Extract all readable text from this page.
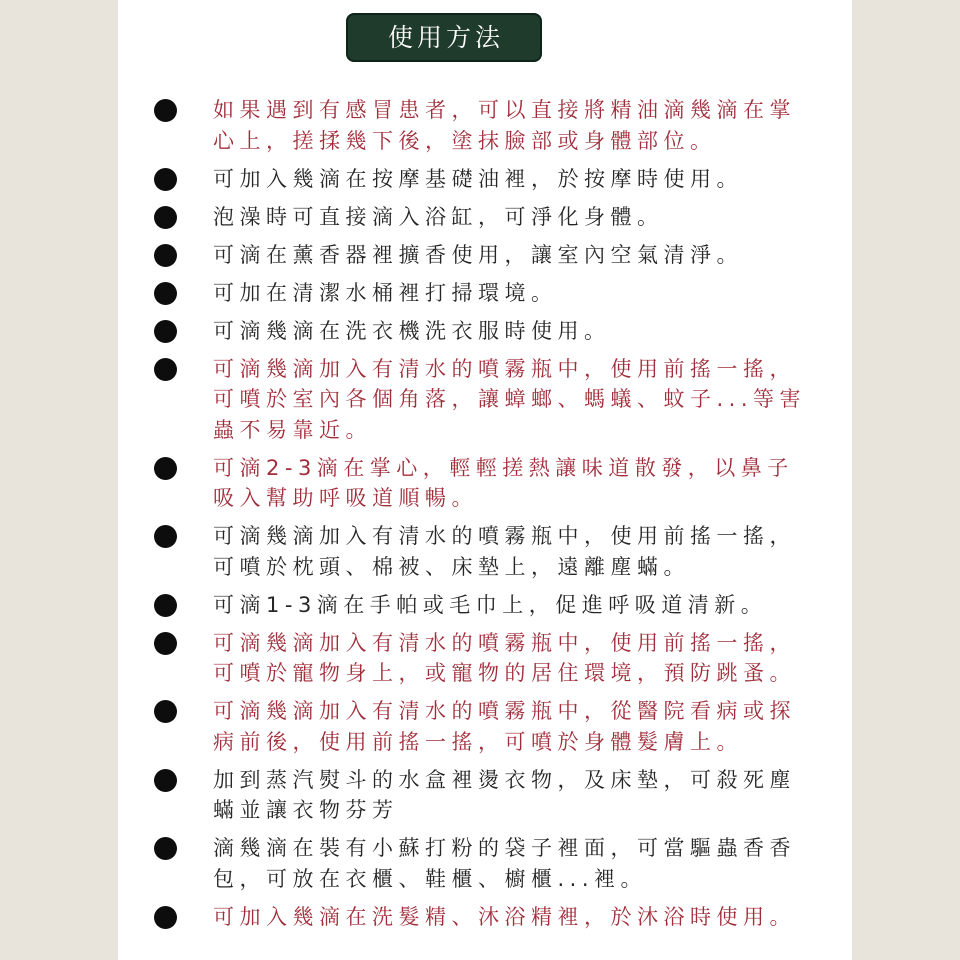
使用方法
如果遇到有感冒患者，可以直接將精油滴幾滴在掌
心上，搓揉幾下後，塗抹臉部或身體部位。
可加入幾滴在按摩基礎油裡，於按摩時使用。
泡澡時可直接滴入浴缸，可淨化身體。
可滴在薰香器裡擴香使用，讓室內空氣清淨。
可加在清潔水桶裡打掃環境。
可滴幾滴在洗衣機洗衣服時使用。
可滴幾滴加入有清水的噴霧瓶中，使用前搖一搖，
可噴於室內各個角落，讓蟑螂、螞蟻、蚊子...等害
蟲不易靠近。
可滴2-3滴在掌心，輕輕搓熱讓味道散發，以鼻子
吸入幫助呼吸道順暢。
可滴幾滴加入有清水的噴霧瓶中，使用前搖一搖，
可噴於枕頭、棉被、床墊上，遠離塵蟎。
可滴1-3滴在手帕或毛巾上，促進呼吸道清新。
可滴幾滴加入有清水的噴霧瓶中，使用前搖一搖，
可噴於寵物身上，或寵物的居住環境，預防跳蚤。
可滴幾滴加入有清水的噴霧瓶中，從醫院看病或探
病前後，使用前搖一搖，可噴於身體髮膚上。
加到蒸汽熨斗的水盒裡燙衣物，及床墊，可殺死塵
蟎並讓衣物芬芳
滴幾滴在裝有小蘇打粉的袋子裡面，可當驅蟲香香
包，可放在衣櫃、鞋櫃、櫥櫃...裡。
可加入幾滴在洗髮精、沐浴精裡，於沐浴時使用。
